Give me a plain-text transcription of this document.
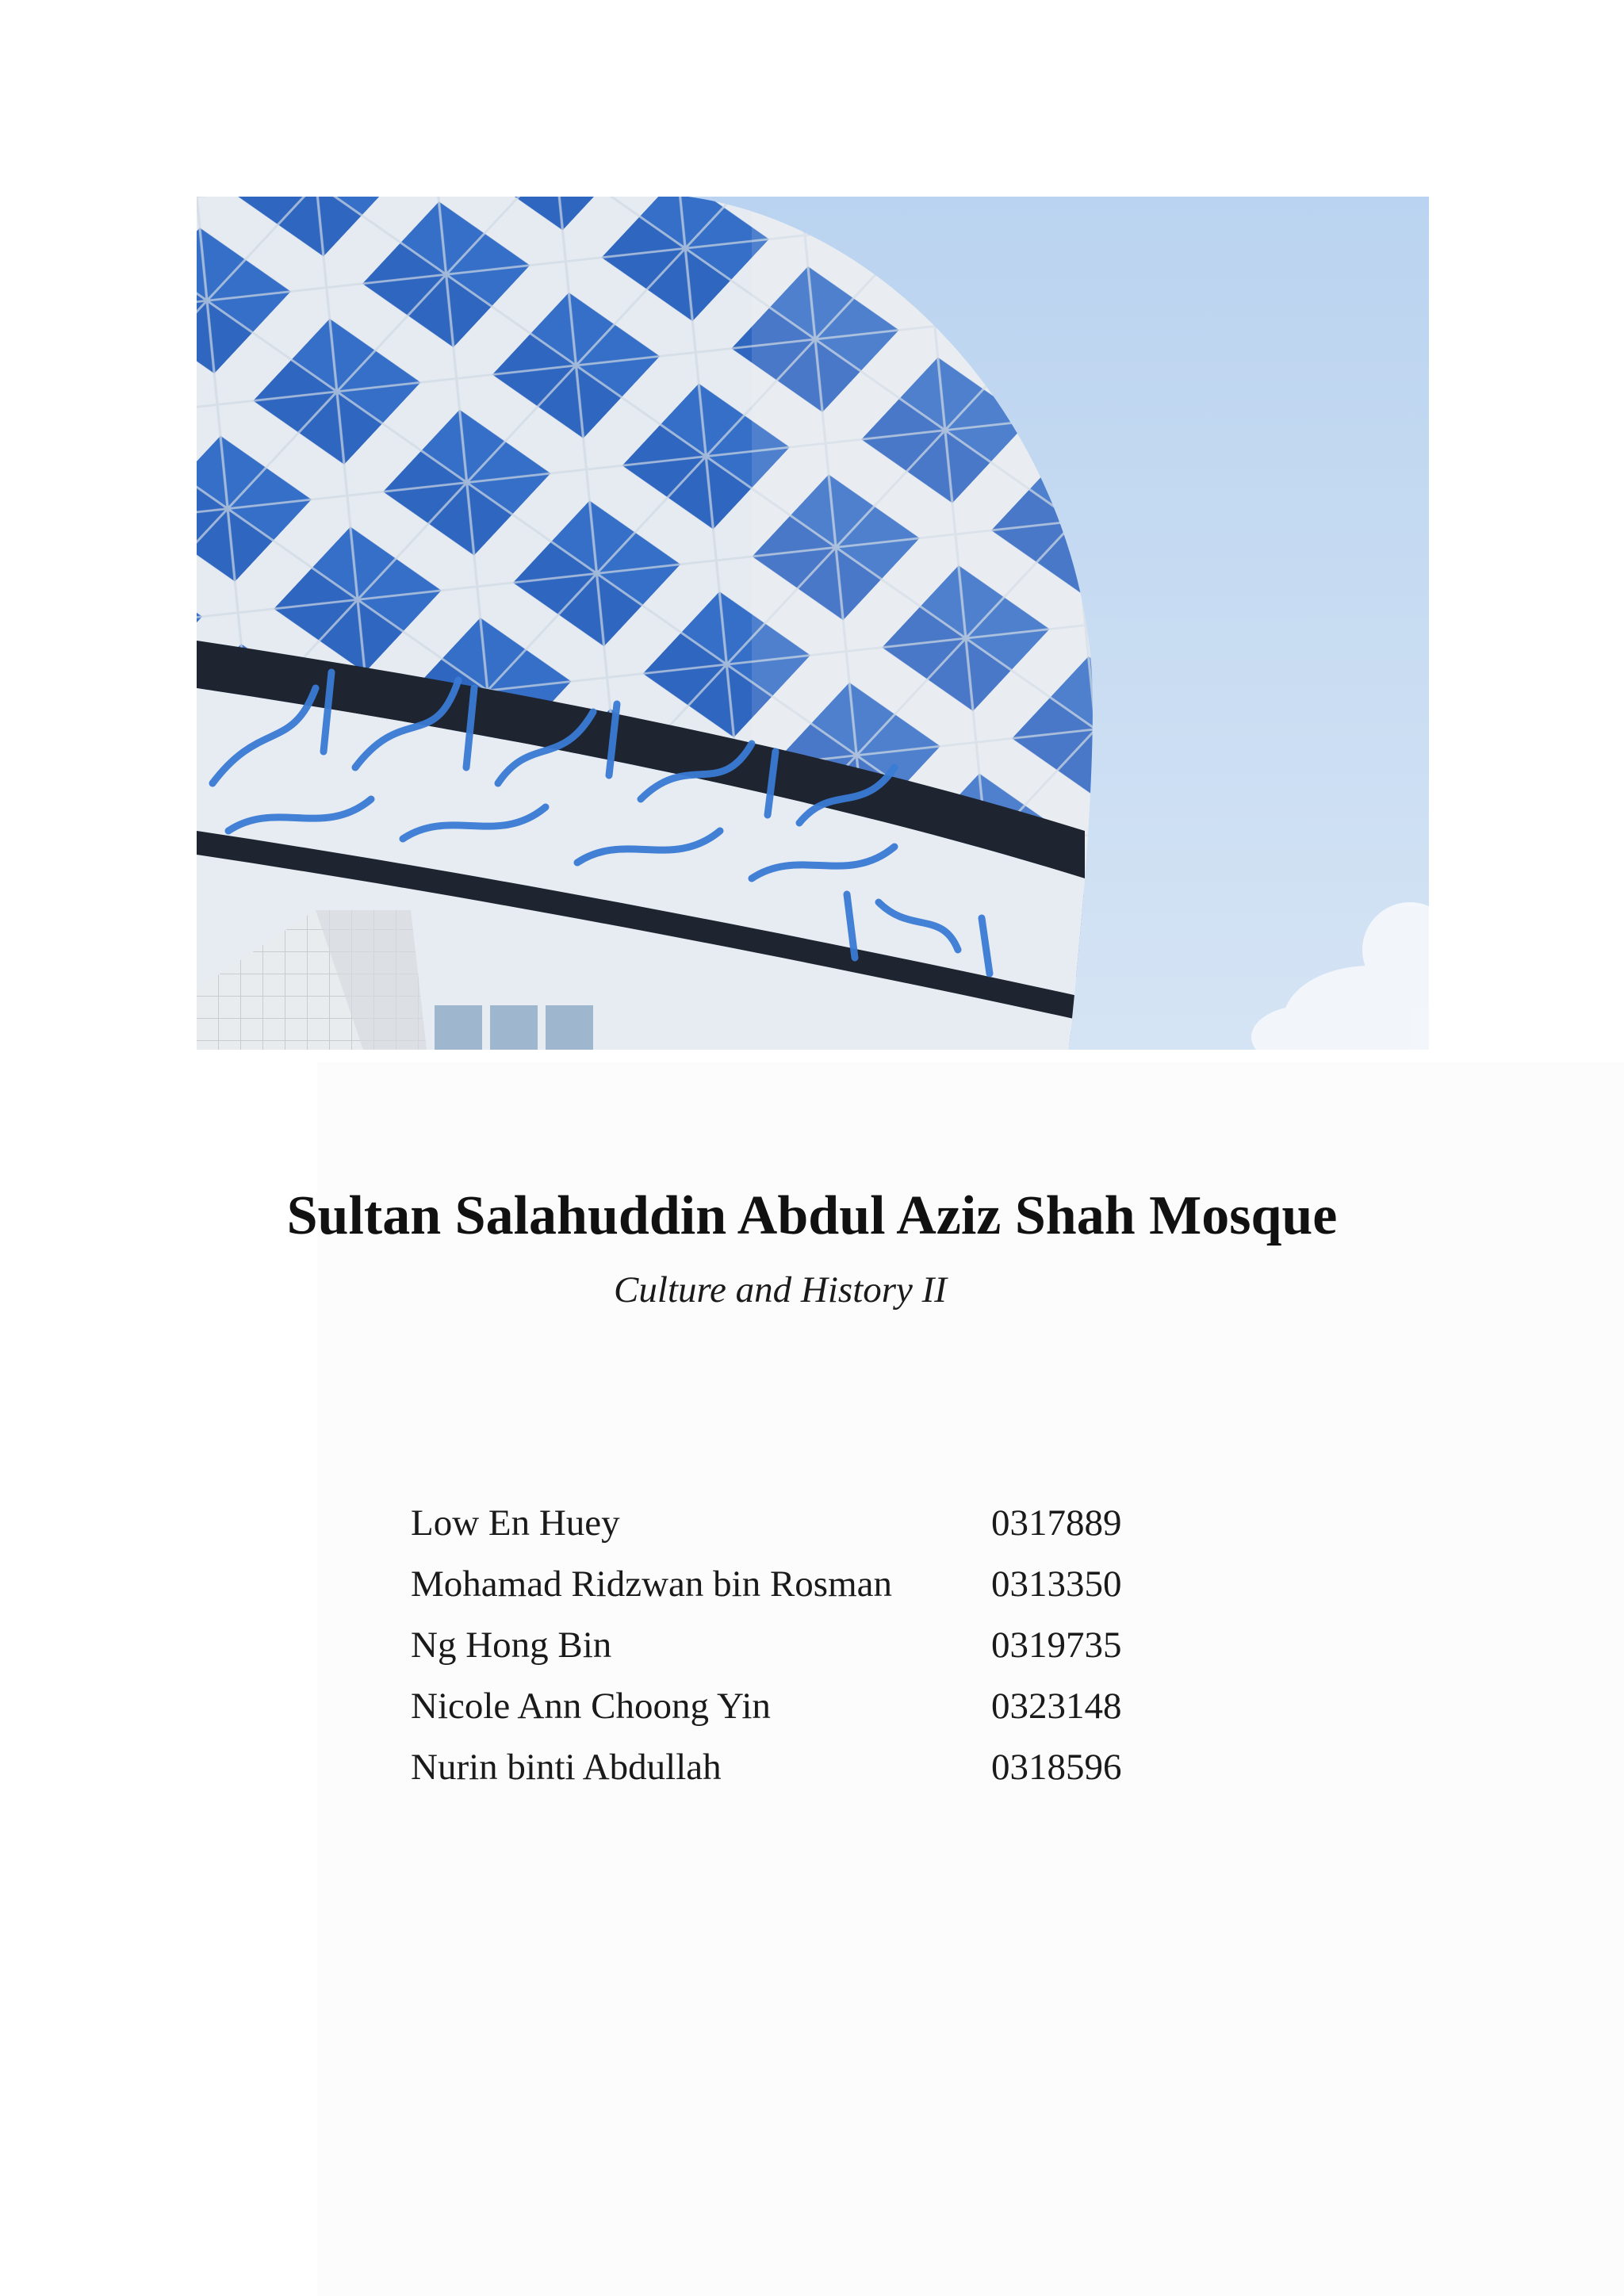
Sultan Salahuddin Abdul Aziz Shah Mosque
Culture and History II
Low En Huey	0317889
Mohamad Ridzwan bin Rosman	0313350
Ng Hong Bin	0319735
Nicole Ann Choong Yin	0323148
Nurin binti Abdullah	0318596
